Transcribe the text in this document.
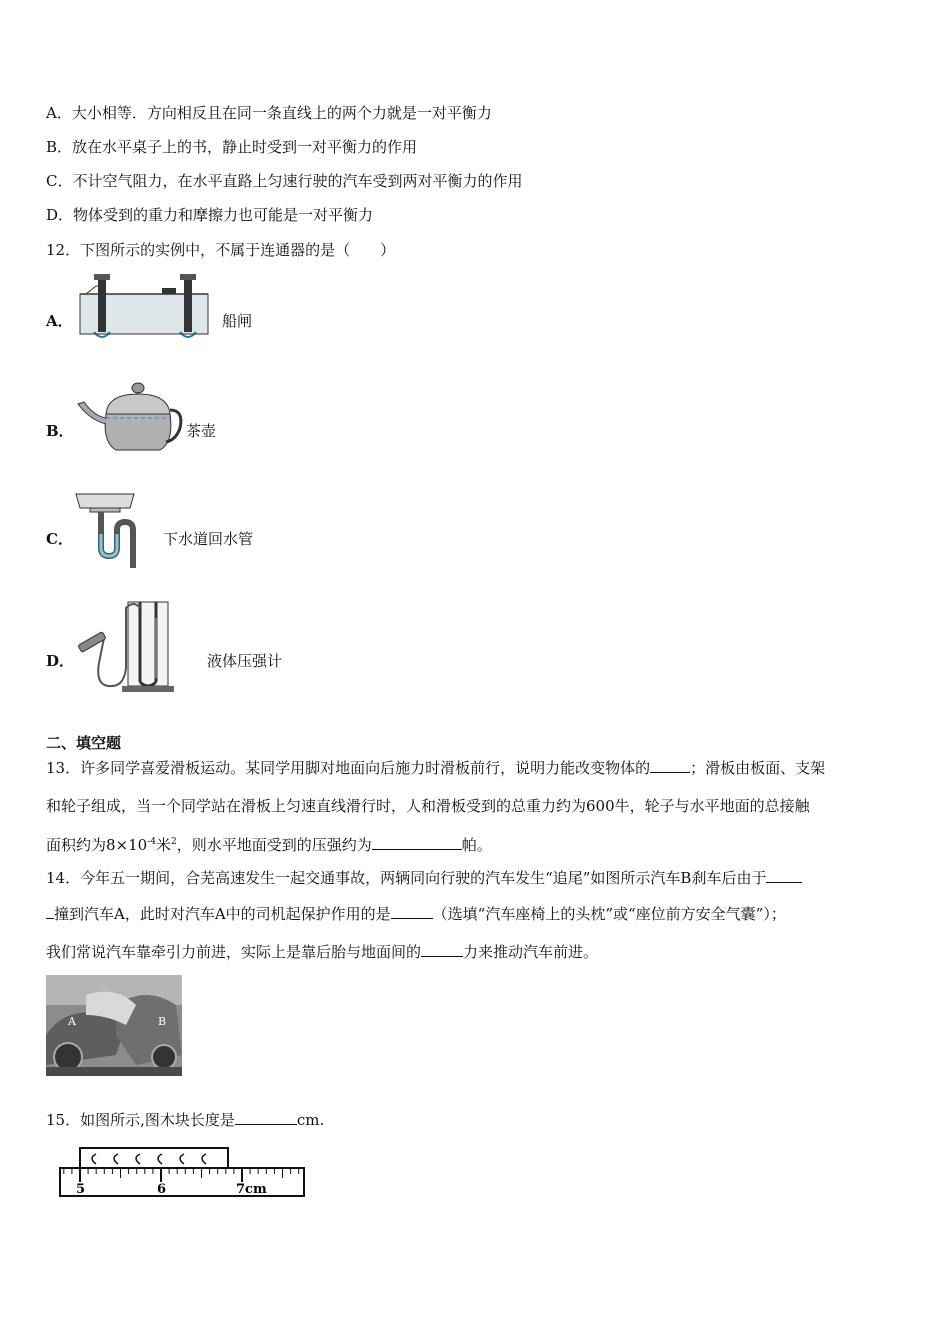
A．大小相等．方向相反且在同一条直线上的两个力就是一对平衡力
B．放在水平桌子上的书，静止时受到一对平衡力的作用
C．不计空气阻力，在水平直路上匀速行驶的汽车受到两对平衡力的作用
D．物体受到的重力和摩擦力也可能是一对平衡力
12．下图所示的实例中，不属于连通器的是（　　）
A．	船闸
B．	茶壶
C．	下水道回水管
D．	液体压强计
二、填空题
13．许多同学喜爱滑板运动。某同学用脚对地面向后施力时滑板前行，说明力能改变物体的	；滑板由板面、支架
和轮子组成，当一个同学站在滑板上匀速直线滑行时，人和滑板受到的总重力约为600牛，轮子与水平地面的总接触
面积约为$8\times 10^{-4}$米$^2$，则水平地面受到的压强约为	帕。
14．今年五一期间，合芜高速发生一起交通事故，两辆同向行驶的汽车发生“追尾”如图所示汽车B刹车后由于
撞到汽车A，此时对汽车A中的司机起保护作用的是	（选填“汽车座椅上的头枕”或“座位前方安全气囊”）；
我们常说汽车靠牵引力前进，实际上是靠后胎与地面间的	力来推动汽车前进。
A	B
15．如图所示,图木块长度是	cm.
5	6	7cm
